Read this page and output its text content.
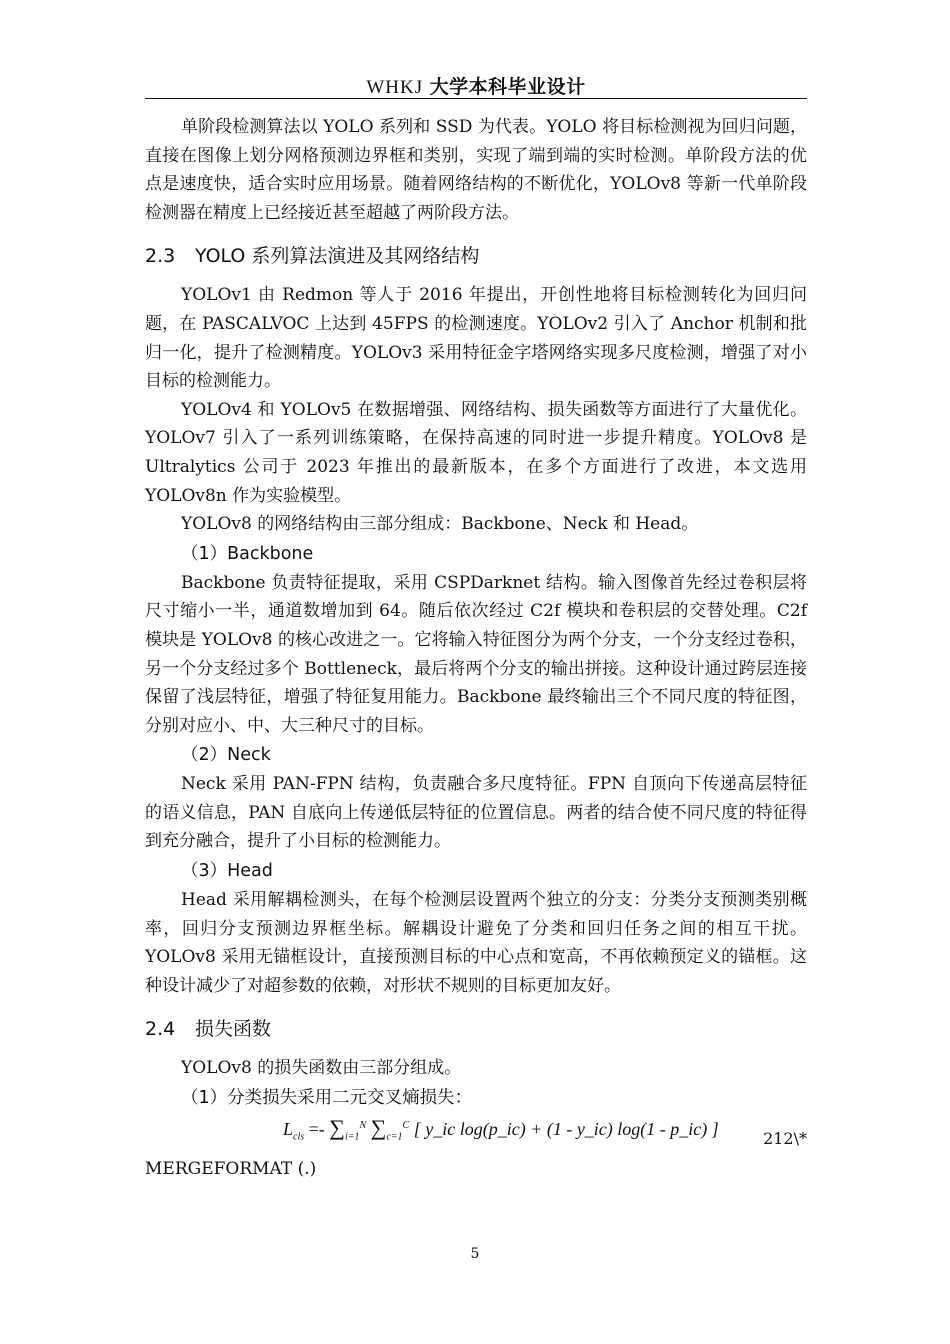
WHKJ 大学本科毕业设计

单阶段检测算法以 YOLO 系列和 SSD 为代表。YOLO 将目标检测视为回归问题，直接在图像上划分网格预测边界框和类别，实现了端到端的实时检测。单阶段方法的优点是速度快，适合实时应用场景。随着网络结构的不断优化，YOLOv8 等新一代单阶段检测器在精度上已经接近甚至超越了两阶段方法。

2.3 YOLO 系列算法演进及其网络结构

YOLOv1 由 Redmon 等人于 2016 年提出，开创性地将目标检测转化为回归问题，在 PASCALVOC 上达到 45FPS 的检测速度。YOLOv2 引入了 Anchor 机制和批归一化，提升了检测精度。YOLOv3 采用特征金字塔网络实现多尺度检测，增强了对小目标的检测能力。

YOLOv4 和 YOLOv5 在数据增强、网络结构、损失函数等方面进行了大量优化。YOLOv7 引入了一系列训练策略，在保持高速的同时进一步提升精度。YOLOv8 是 Ultralytics 公司于 2023 年推出的最新版本，在多个方面进行了改进，本文选用 YOLOv8n 作为实验模型。

YOLOv8 的网络结构由三部分组成：Backbone、Neck 和 Head。

（1）Backbone

Backbone 负责特征提取，采用 CSPDarknet 结构。输入图像首先经过卷积层将尺寸缩小一半，通道数增加到 64。随后依次经过 C2f 模块和卷积层的交替处理。C2f 模块是 YOLOv8 的核心改进之一。它将输入特征图分为两个分支，一个分支经过卷积，另一个分支经过多个 Bottleneck，最后将两个分支的输出拼接。这种设计通过跨层连接保留了浅层特征，增强了特征复用能力。Backbone 最终输出三个不同尺度的特征图，分别对应小、中、大三种尺寸的目标。

（2）Neck

Neck 采用 PAN-FPN 结构，负责融合多尺度特征。FPN 自顶向下传递高层特征的语义信息，PAN 自底向上传递低层特征的位置信息。两者的结合使不同尺度的特征得到充分融合，提升了小目标的检测能力。

（3）Head

Head 采用解耦检测头，在每个检测层设置两个独立的分支：分类分支预测类别概率，回归分支预测边界框坐标。解耦设计避免了分类和回归任务之间的相互干扰。YOLOv8 采用无锚框设计，直接预测目标的中心点和宽高，不再依赖预定义的锚框。这种设计减少了对超参数的依赖，对形状不规则的目标更加友好。

2.4 损失函数

YOLOv8 的损失函数由三部分组成。

（1）分类损失采用二元交叉熵损失：
$L_{cls} =- \sum_{i=1}^N$ $\sum_{c=1}^C$ [ y_ic log(p_ic) + (1 - y_ic) log(1 - p_ic) ]	212\*
MERGEFORMAT (.)
5
